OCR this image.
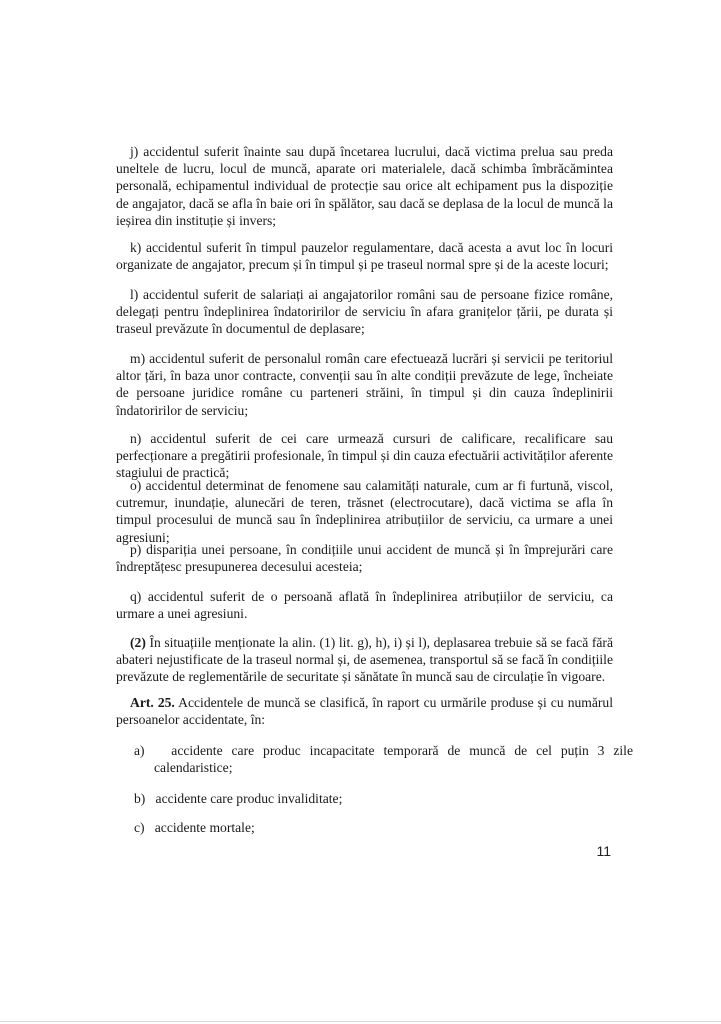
j) accidentul suferit înainte sau după încetarea lucrului, dacă victima prelua sau preda uneltele de lucru, locul de muncă, aparate ori materialele, dacă schimba îmbrăcămintea personală, echipamentul individual de protecție sau orice alt echipament pus la dispoziție de angajator, dacă se afla în baie ori în spălător, sau dacă se deplasa de la locul de muncă la ieșirea din instituție și invers;

k) accidentul suferit în timpul pauzelor regulamentare, dacă acesta a avut loc în locuri organizate de angajator, precum și în timpul și pe traseul normal spre și de la aceste locuri;

l) accidentul suferit de salariați ai angajatorilor români sau de persoane fizice române, delegați pentru îndeplinirea îndatoririlor de serviciu în afara granițelor țării, pe durata și traseul prevăzute în documentul de deplasare;

m) accidentul suferit de personalul român care efectuează lucrări și servicii pe teritoriul altor țări, în baza unor contracte, convenții sau în alte condiții prevăzute de lege, încheiate de persoane juridice române cu parteneri străini, în timpul și din cauza îndeplinirii îndatoririlor de serviciu;

n) accidentul suferit de cei care urmează cursuri de calificare, recalificare sau perfecționare a pregătirii profesionale, în timpul și din cauza efectuării activităților aferente stagiului de practică;

o) accidentul determinat de fenomene sau calamități naturale, cum ar fi furtună, viscol, cutremur, inundație, alunecări de teren, trăsnet (electrocutare), dacă victima se afla în timpul procesului de muncă sau în îndeplinirea atribuțiilor de serviciu, ca urmare a unei agresiuni;

p) dispariția unei persoane, în condițiile unui accident de muncă și în împrejurări care îndreptățesc presupunerea decesului acesteia;

q) accidentul suferit de o persoană aflată în îndeplinirea atribuțiilor de serviciu, ca urmare a unei agresiuni.

(2) În situațiile menționate la alin. (1) lit. g), h), i) și l), deplasarea trebuie să se facă fără abateri nejustificate de la traseul normal și, de asemenea, transportul să se facă în condițiile prevăzute de reglementările de securitate și sănătate în muncă sau de circulație în vigoare.

Art. 25. Accidentele de muncă se clasifică, în raport cu urmările produse și cu numărul persoanelor accidentate, în:

a) accidente care produc incapacitate temporară de muncă de cel puțin 3 zile calendaristice;

b) accidente care produc invaliditate;

c) accidente mortale;

11
